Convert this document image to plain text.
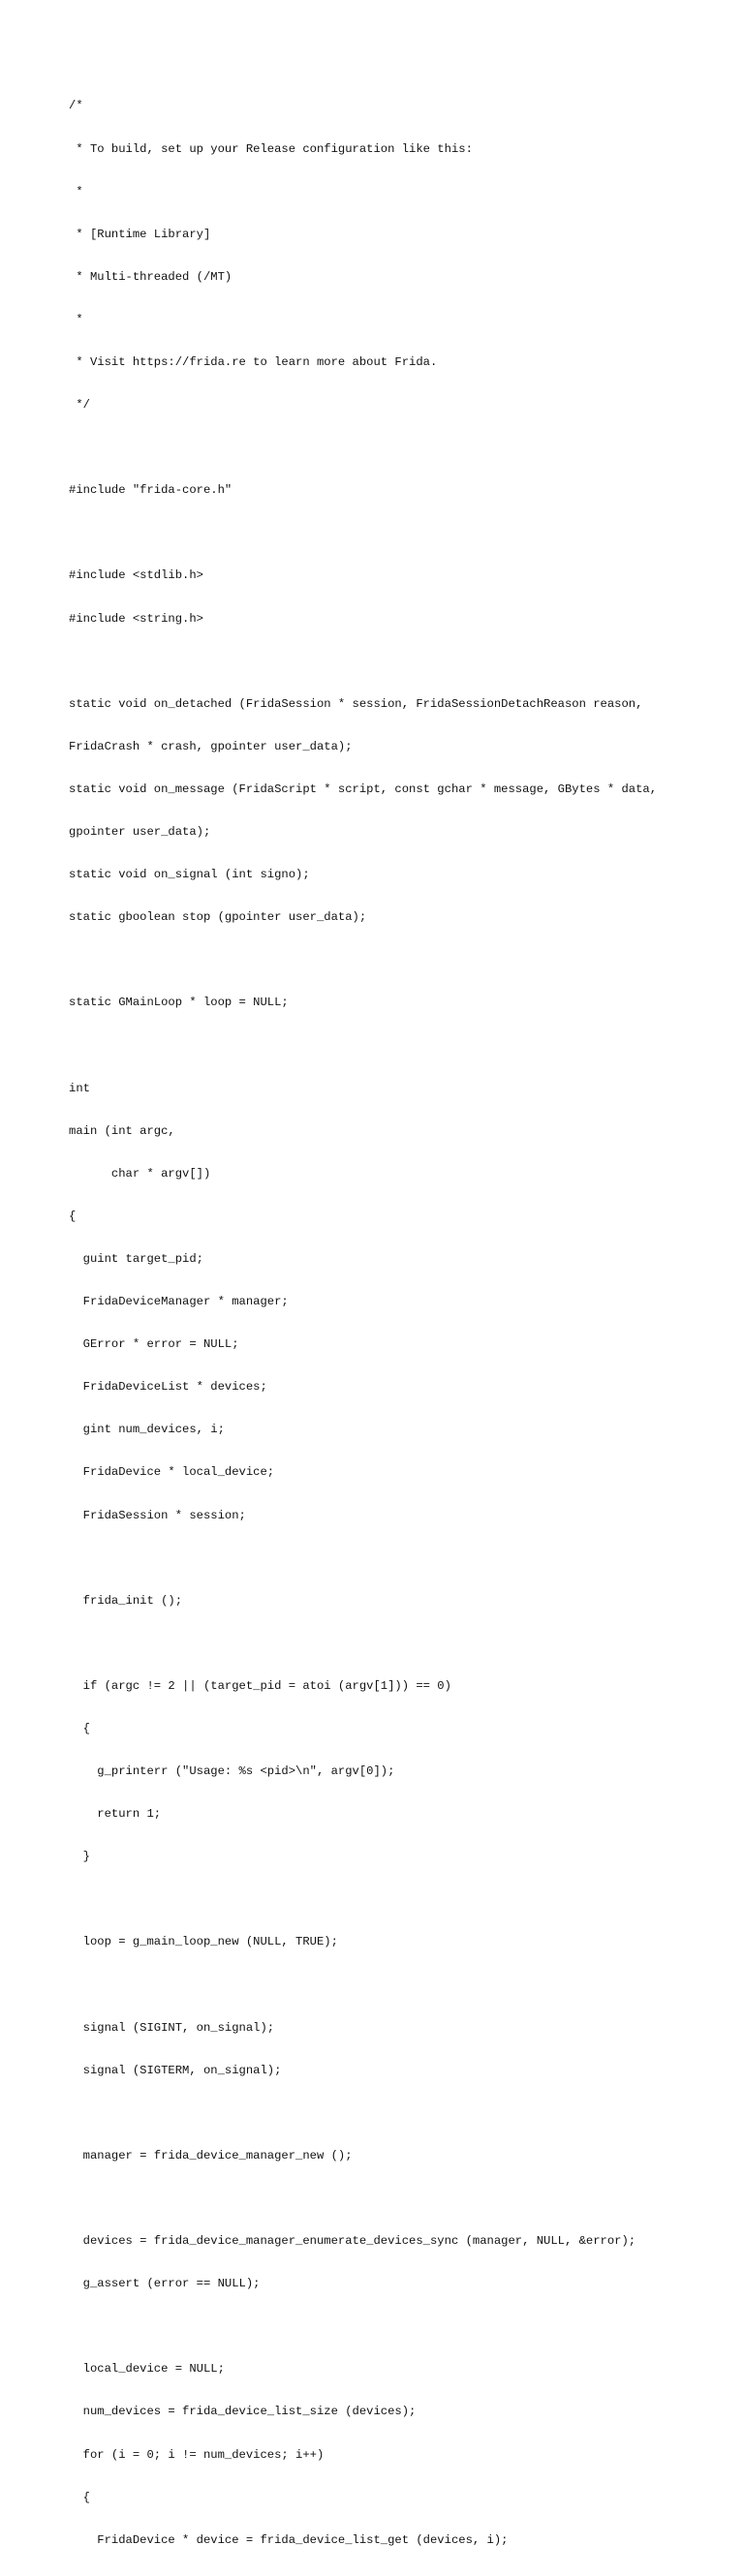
/*

* To build, set up your Release configuration like this:

*

* [Runtime Library]

* Multi-threaded (/MT)

*

* Visit https://frida.re to learn more about Frida.

*/

#include "frida-core.h"

#include <stdlib.h>

#include <string.h>

static void on_detached (FridaSession * session, FridaSessionDetachReason reason,

FridaCrash * crash, gpointer user_data);

static void on_message (FridaScript * script, const gchar * message, GBytes * data,

gpointer user_data);

static void on_signal (int signo);

static gboolean stop (gpointer user_data);

static GMainLoop * loop = NULL;

int

main (int argc,

char * argv[])

{

guint target_pid;

FridaDeviceManager * manager;

GError * error = NULL;

FridaDeviceList * devices;

gint num_devices, i;

FridaDevice * local_device;

FridaSession * session;

frida_init ();

if (argc != 2 || (target_pid = atoi (argv[1])) == 0)

{

g_printerr ("Usage: %s <pid>\n", argv[0]);

return 1;

}

loop = g_main_loop_new (NULL, TRUE);

signal (SIGINT, on_signal);

signal (SIGTERM, on_signal);

manager = frida_device_manager_new ();

devices = frida_device_manager_enumerate_devices_sync (manager, NULL, &error);

g_assert (error == NULL);

local_device = NULL;

num_devices = frida_device_list_size (devices);

for (i = 0; i != num_devices; i++)

{

FridaDevice * device = frida_device_list_get (devices, i);
